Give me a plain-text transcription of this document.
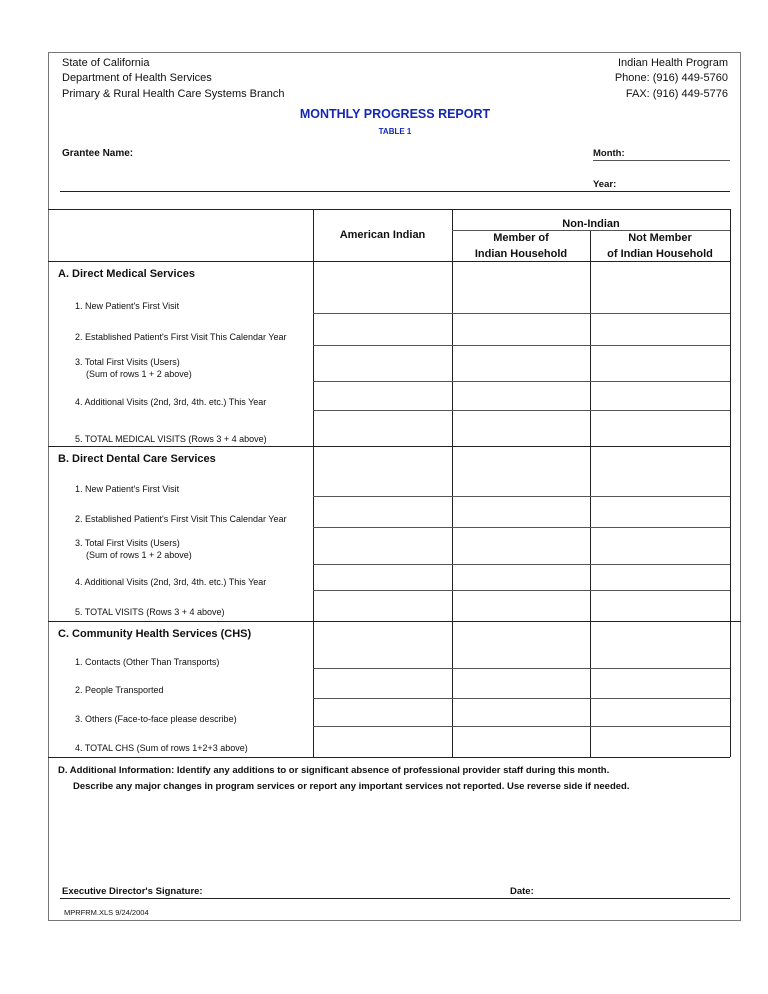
State of California
Department of Health Services
Primary & Rural Health Care Systems Branch
Indian Health Program
Phone: (916) 449-5760
FAX: (916) 449-5776
MONTHLY PROGRESS REPORT
TABLE 1
Grantee Name:	Month:
Year:
American Indian
Non-Indian
Member of
Indian Household
Not Member
of Indian Household
A. Direct Medical Services
1. New Patient's First Visit
2. Established Patient's First Visit This Calendar Year
3. Total First Visits (Users)
(Sum of rows 1 + 2 above)
4. Additional Visits (2nd, 3rd, 4th. etc.) This Year
5. TOTAL MEDICAL VISITS (Rows 3 + 4 above)
B. Direct Dental Care Services
1. New Patient's First Visit
2. Established Patient's First Visit This Calendar Year
3. Total First Visits (Users)
(Sum of rows 1 + 2 above)
4. Additional Visits (2nd, 3rd, 4th. etc.) This Year
5. TOTAL VISITS (Rows 3 + 4 above)
C. Community Health Services (CHS)
1. Contacts (Other Than Transports)
2. People Transported
3. Others (Face-to-face please describe)
4. TOTAL CHS (Sum of rows 1+2+3 above)
D. Additional Information: Identify any additions to or significant absence of professional provider staff during this month.
Describe any major changes in program services or report any important services not reported. Use reverse side if needed.
Executive Director's Signature:	Date:
MPRFRM.XLS 9/24/2004
